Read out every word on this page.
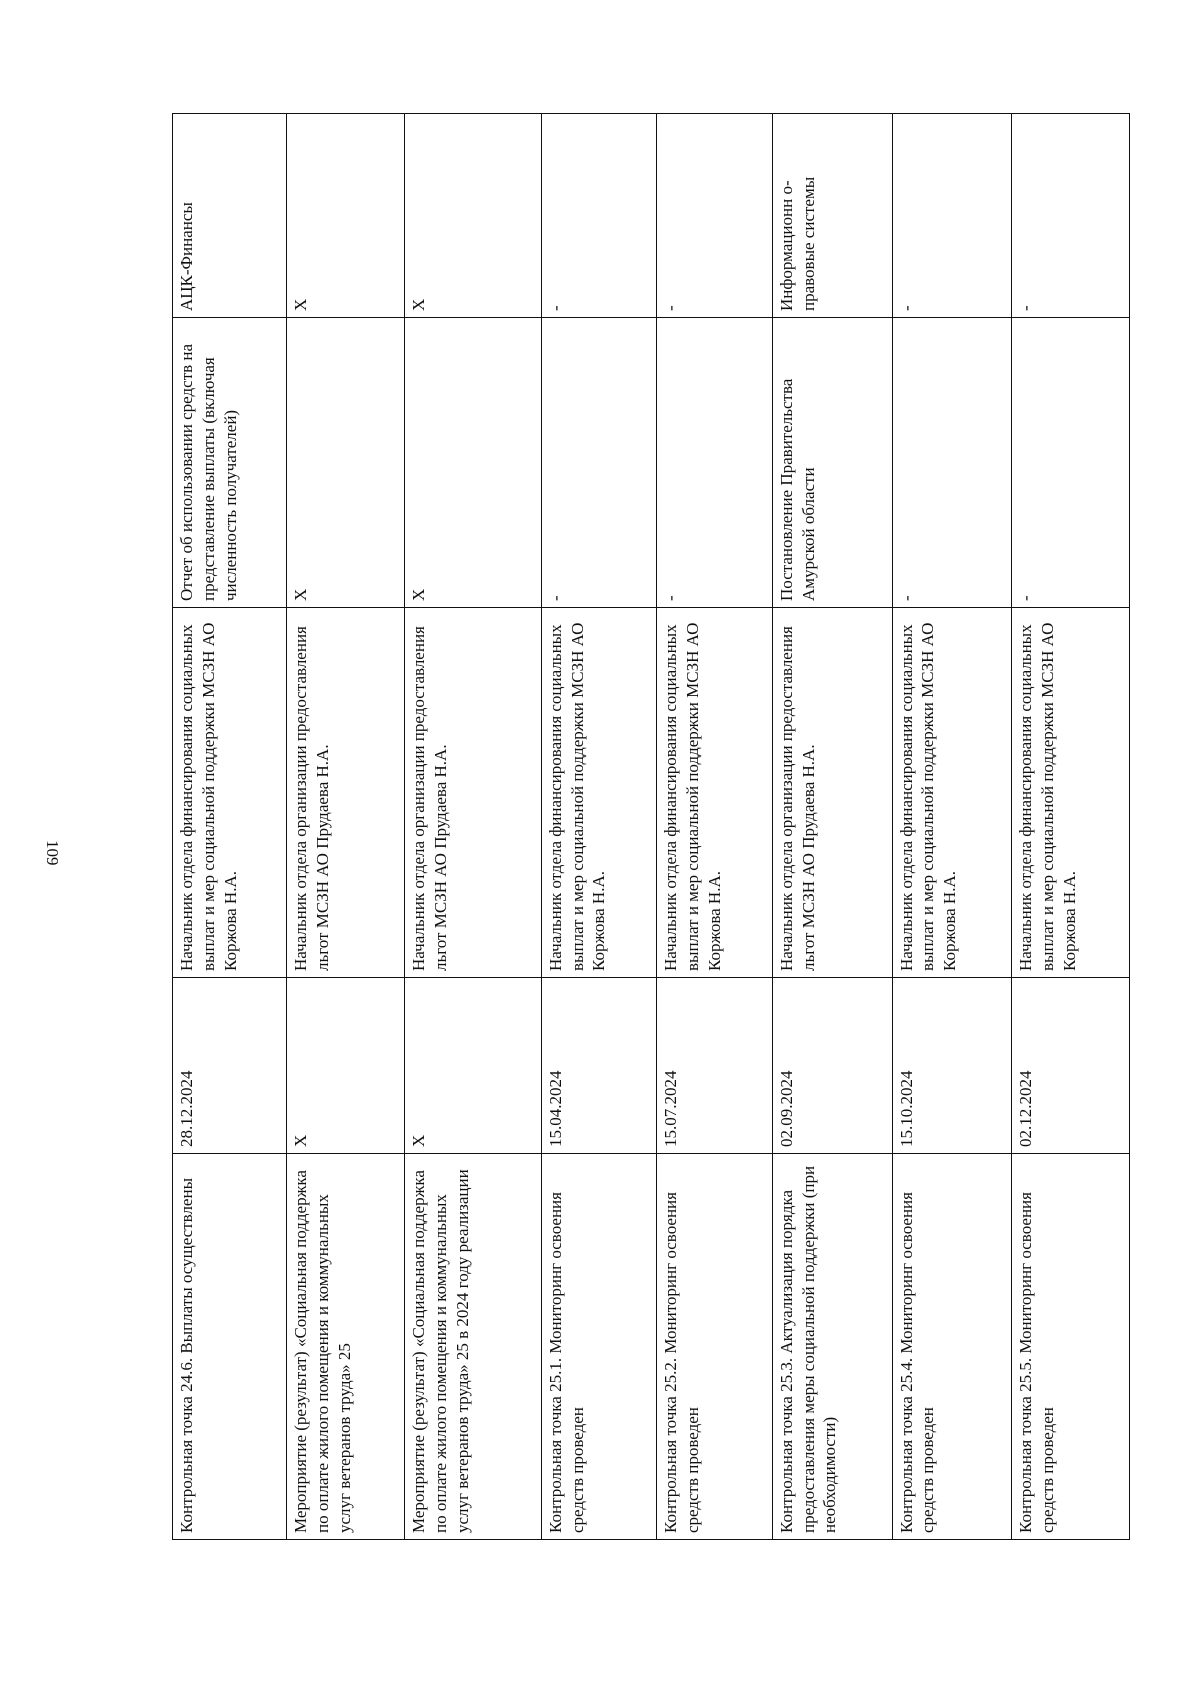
109
Контрольная точка 24.6. Выплаты осуществлены	28.12.2024	Начальник отдела финансирования социальных выплат и мер социальной поддержки МСЗН АО Коржова Н.А.	Отчет об использовании средств на представление выплаты (включая численность получателей)	АЦК-Финансы
Мероприятие (результат) «Социальная поддержка по оплате жилого помещения и коммунальных услуг ветеранов труда» 25	X	Начальник отдела организации предоставления льгот МСЗН АО Прудаева Н.А.	X	X
Мероприятие (результат) «Социальная поддержка по оплате жилого помещения и коммунальных услуг ветеранов труда» 25 в 2024 году реализации	X	Начальник отдела организации предоставления льгот МСЗН АО Прудаева Н.А.	X	X
Контрольная точка 25.1. Мониторинг освоения средств проведен	15.04.2024	Начальник отдела финансирования социальных выплат и мер социальной поддержки МСЗН АО Коржова Н.А.	-	-
Контрольная точка 25.2. Мониторинг освоения средств проведен	15.07.2024	Начальник отдела финансирования социальных выплат и мер социальной поддержки МСЗН АО Коржова Н.А.	-	-
Контрольная точка 25.3. Актуализация порядка предоставления меры социальной поддержки (при необходимости)	02.09.2024	Начальник отдела организации предоставления льгот МСЗН АО Прудаева Н.А.	Постановление Правительства Амурской области	Информационн о-правовые системы
Контрольная точка 25.4. Мониторинг освоения средств проведен	15.10.2024	Начальник отдела финансирования социальных выплат и мер социальной поддержки МСЗН АО Коржова Н.А.	-	-
Контрольная точка 25.5. Мониторинг освоения средств проведен	02.12.2024	Начальник отдела финансирования социальных выплат и мер социальной поддержки МСЗН АО Коржова Н.А.	-	-
